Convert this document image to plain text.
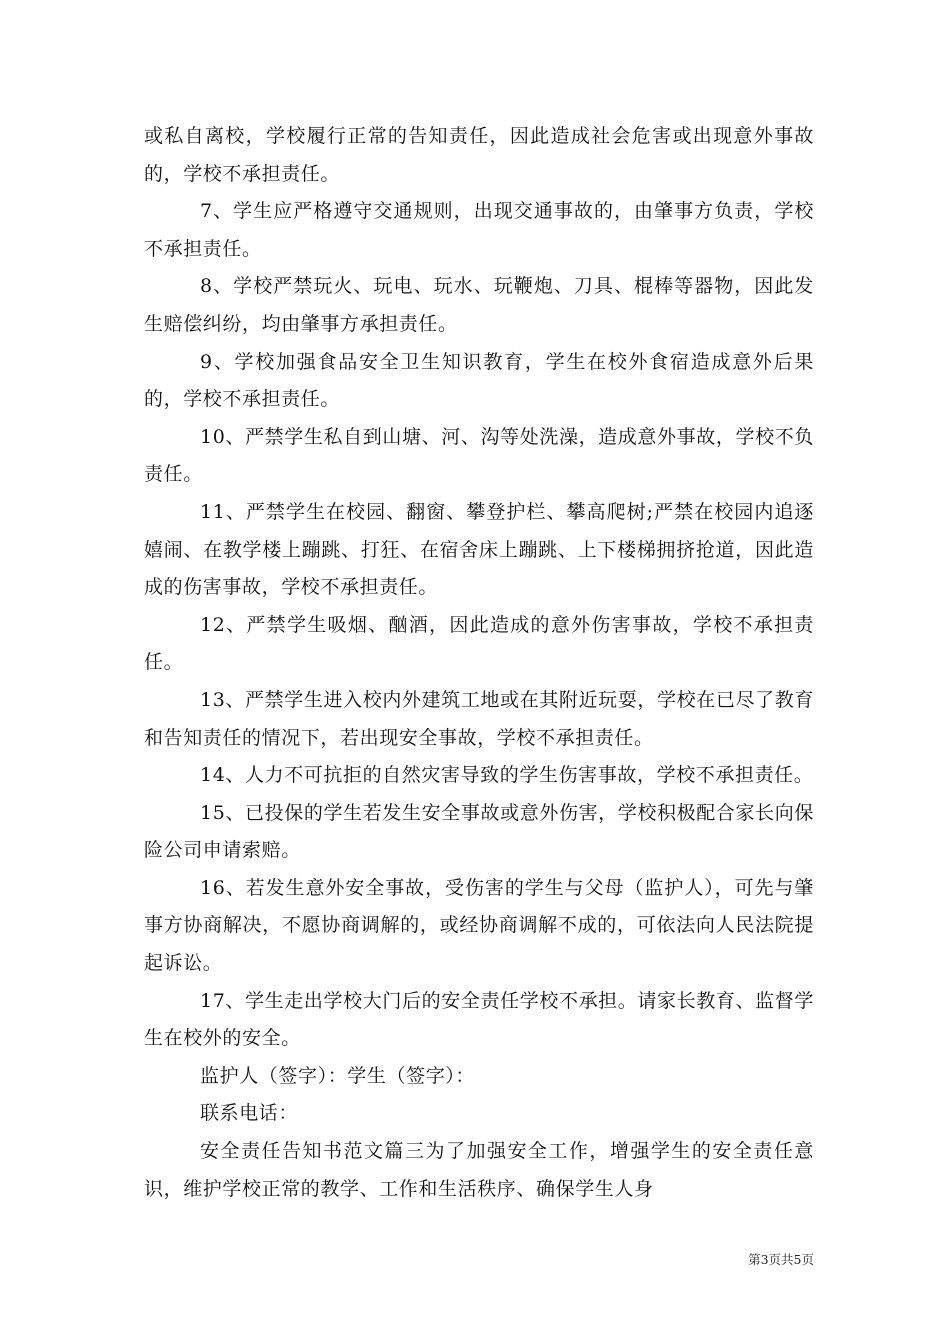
或私自离校，学校履行正常的告知责任，因此造成社会危害或出现意外事故的，学校不承担责任。

7、学生应严格遵守交通规则，出现交通事故的，由肇事方负责，学校不承担责任。

8、学校严禁玩火、玩电、玩水、玩鞭炮、刀具、棍棒等器物，因此发生赔偿纠纷，均由肇事方承担责任。

9、学校加强食品安全卫生知识教育，学生在校外食宿造成意外后果的，学校不承担责任。

10、严禁学生私自到山塘、河、沟等处洗澡，造成意外事故，学校不负责任。

11、严禁学生在校园、翻窗、攀登护栏、攀高爬树;严禁在校园内追逐嬉闹、在教学楼上蹦跳、打狂、在宿舍床上蹦跳、上下楼梯拥挤抢道，因此造成的伤害事故，学校不承担责任。

12、严禁学生吸烟、酗酒，因此造成的意外伤害事故，学校不承担责任。

13、严禁学生进入校内外建筑工地或在其附近玩耍，学校在已尽了教育和告知责任的情况下，若出现安全事故，学校不承担责任。

14、人力不可抗拒的自然灾害导致的学生伤害事故，学校不承担责任。

15、已投保的学生若发生安全事故或意外伤害，学校积极配合家长向保险公司申请索赔。

16、若发生意外安全事故，受伤害的学生与父母（监护人），可先与肇事方协商解决，不愿协商调解的，或经协商调解不成的，可依法向人民法院提起诉讼。

17、学生走出学校大门后的安全责任学校不承担。请家长教育、监督学生在校外的安全。

监护人（签字）：学生（签字）：

联系电话：

安全责任告知书范文篇三为了加强安全工作，增强学生的安全责任意识，维护学校正常的教学、工作和生活秩序、确保学生人身

第3页共5页
